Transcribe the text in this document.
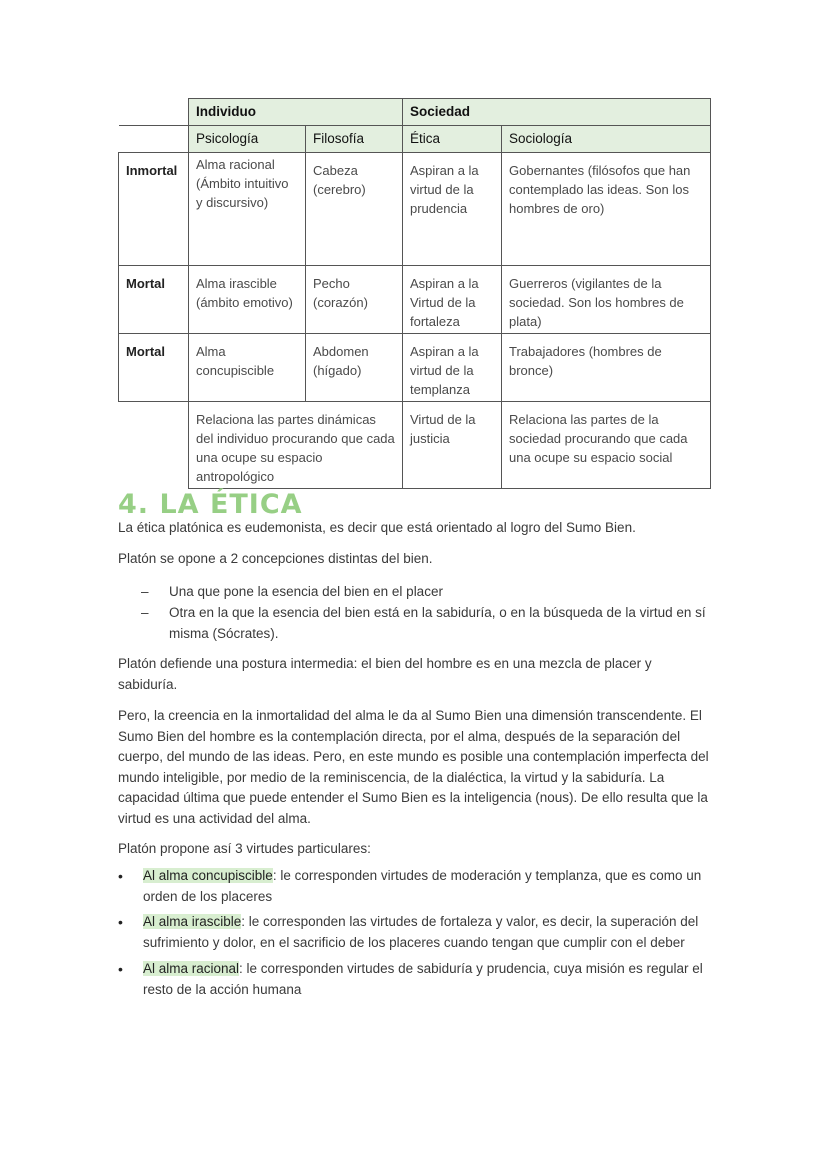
	Individuo		Sociedad	
	Psicología	Filosofía	Ética	Sociología
Inmortal	Alma racional (Ámbito intuitivo y discursivo)	Cabeza (cerebro)	Aspiran a la virtud de la prudencia	Gobernantes (filósofos que han contemplado las ideas. Son los hombres de oro)
Mortal	Alma irascible (ámbito emotivo)	Pecho (corazón)	Aspiran a la Virtud de la fortaleza	Guerreros (vigilantes de la sociedad. Son los hombres de plata)
Mortal	Alma concupiscible	Abdomen (hígado)	Aspiran a la virtud de la templanza	Trabajadores (hombres de bronce)
	Relaciona las partes dinámicas del individuo procurando que cada una ocupe su espacio antropológico		Virtud de la justicia	Relaciona las partes de la sociedad procurando que cada una ocupe su espacio social
4. LA ÉTICA
La ética platónica es eudemonista, es decir que está orientado al logro del Sumo Bien.
Platón se opone a 2 concepciones distintas del bien.
– Una que pone la esencia del bien en el placer
– Otra en la que la esencia del bien está en la sabiduría, o en la búsqueda de la virtud en sí misma (Sócrates).
Platón defiende una postura intermedia: el bien del hombre es en una mezcla de placer y sabiduría.
Pero, la creencia en la inmortalidad del alma le da al Sumo Bien una dimensión transcendente. El Sumo Bien del hombre es la contemplación directa, por el alma, después de la separación del cuerpo, del mundo de las ideas. Pero, en este mundo es posible una contemplación imperfecta del mundo inteligible, por medio de la reminiscencia, de la dialéctica, la virtud y la sabiduría. La capacidad última que puede entender el Sumo Bien es la inteligencia (nous). De ello resulta que la virtud es una actividad del alma.
Platón propone así 3 virtudes particulares:
• Al alma concupiscible: le corresponden virtudes de moderación y templanza, que es como un orden de los placeres
• Al alma irascible: le corresponden las virtudes de fortaleza y valor, es decir, la superación del sufrimiento y dolor, en el sacrificio de los placeres cuando tengan que cumplir con el deber
• Al alma racional: le corresponden virtudes de sabiduría y prudencia, cuya misión es regular el resto de la acción humana
